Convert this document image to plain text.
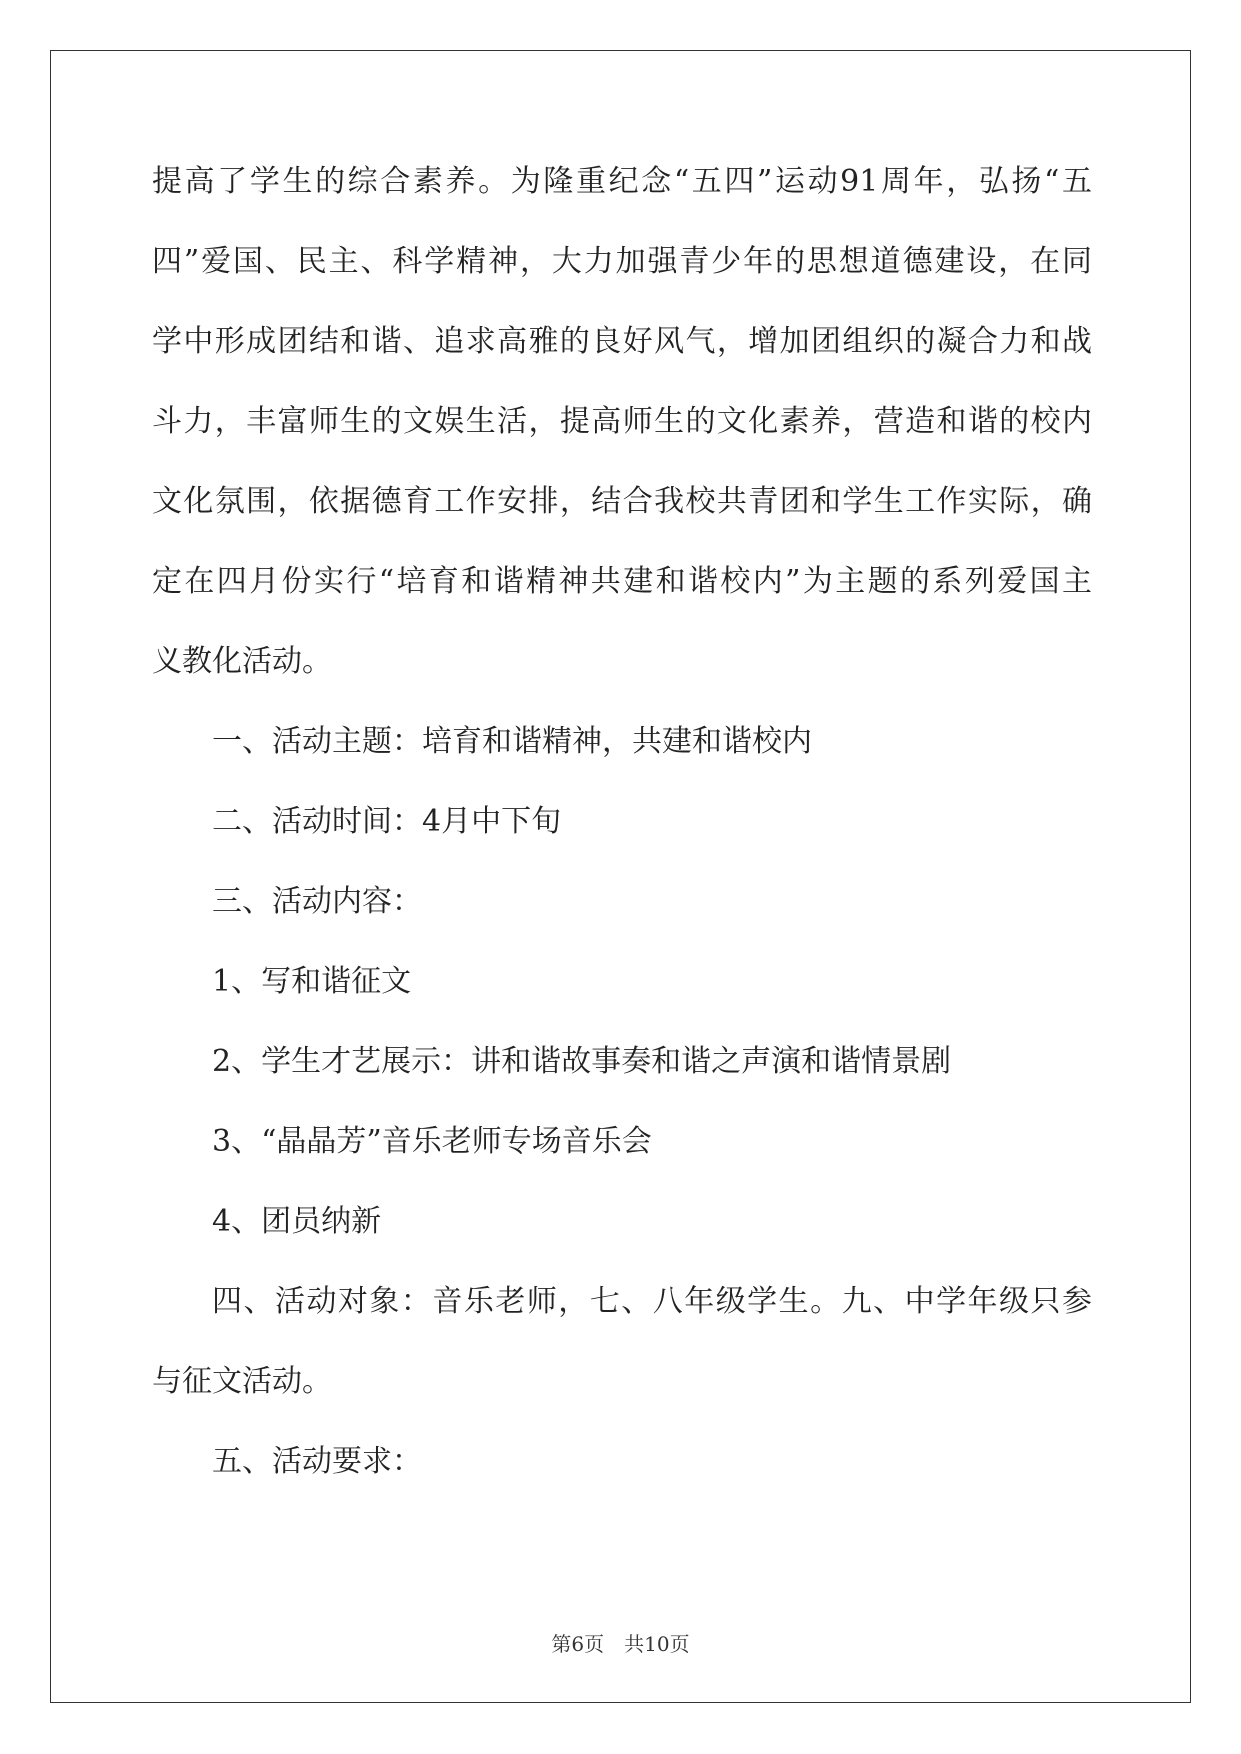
提高了学生的综合素养。为隆重纪念“五四”运动91周年，弘扬“五
四”爱国、民主、科学精神，大力加强青少年的思想道德建设，在同
学中形成团结和谐、追求高雅的良好风气，增加团组织的凝合力和战
斗力，丰富师生的文娱生活，提高师生的文化素养，营造和谐的校内
文化氛围，依据德育工作安排，结合我校共青团和学生工作实际，确
定在四月份实行“培育和谐精神共建和谐校内”为主题的系列爱国主
义教化活动。
一、活动主题：培育和谐精神，共建和谐校内
二、活动时间：4月中下旬
三、活动内容：
1、写和谐征文
2、学生才艺展示：讲和谐故事奏和谐之声演和谐情景剧
3、“晶晶芳”音乐老师专场音乐会
4、团员纳新
四、活动对象：音乐老师，七、八年级学生。九、中学年级只参
与征文活动。
五、活动要求：
第6页　共10页
